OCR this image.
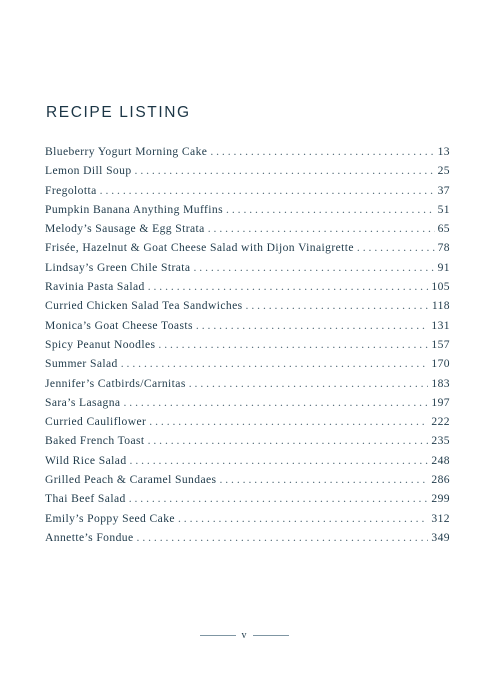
RECIPE LISTING
Blueberry Yogurt Morning Cake . . .	13
Lemon Dill Soup . . .	25
Fregolotta . . .	37
Pumpkin Banana Anything Muffins . . .	51
Melody’s Sausage & Egg Strata . . .	65
Frisée, Hazelnut & Goat Cheese Salad with Dijon Vinaigrette . . .	78
Lindsay’s Green Chile Strata . . .	91
Ravinia Pasta Salad . . .	105
Curried Chicken Salad Tea Sandwiches . . .	118
Monica’s Goat Cheese Toasts . . .	131
Spicy Peanut Noodles . . .	157
Summer Salad . . .	170
Jennifer’s Catbirds/Carnitas . . .	183
Sara’s Lasagna . . .	197
Curried Cauliflower . . .	222
Baked French Toast . . .	235
Wild Rice Salad . . .	248
Grilled Peach & Caramel Sundaes . . .	286
Thai Beef Salad . . .	299
Emily’s Poppy Seed Cake . . .	312
Annette’s Fondue . . .	349
v
